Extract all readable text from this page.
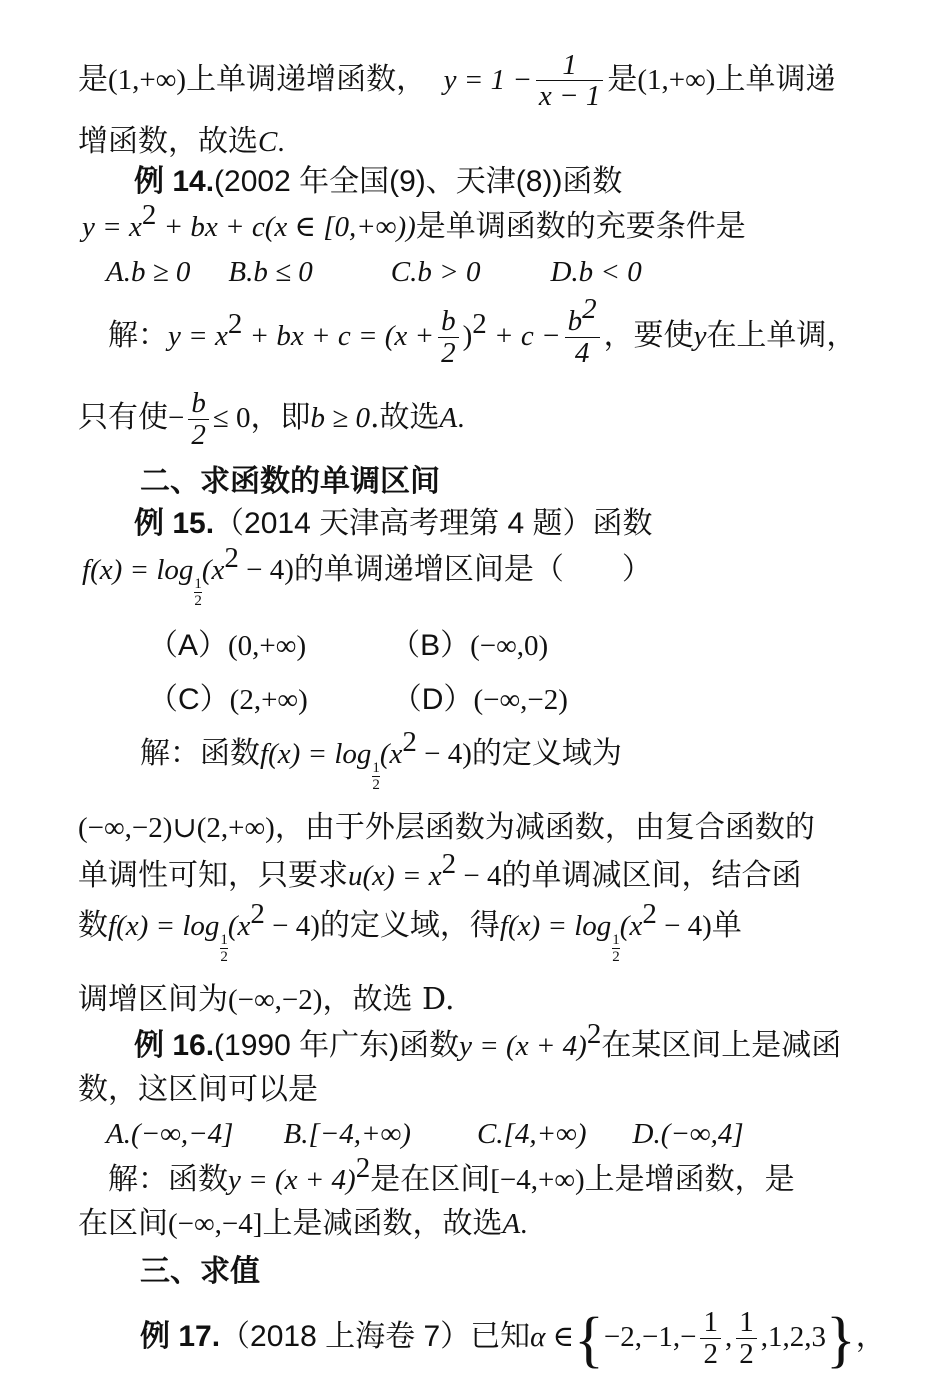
是(1,+∞)上单调递增函数， $y = 1 - \frac{1}{x - 1}$ 是(1,+∞)上单调递
增函数，故选C.
例 14.(2002 年全国(9)、天津(8))函数
$y = x^2$ + bx + c(x ∈ [0,+∞))是单调函数的充要条件是
A.b ≥ 0 B.b ≤ 0	C.b > 0 D.b < 0
解：$y = x^2$ + bx + $c = (x + \frac{b}{2} )^2 + c - \frac{b^2}{4}$ ，要使y在上单调，
只有使− $\frac{b}{2} \le 0$，即b ≥ 0.故选A.
二、求函数的单调区间
例 15.（2014 天津高考理第 4 题）函数
f(x) = log
$\frac{1}{2}$
$(x^2 - 4)$的单调递增区间是（ ）
（A）(0,+∞)	（B）(−∞,0)
（C）(2,+∞)	（D）(−∞,−2)
解：函数f(x) = log
$\frac{1}{2}$
$(x^2 - 4)$的定义域为
(−∞,−2)∪(2,+∞)，由于外层函数为减函数，由复合函数的
单调性可知，只要求$u(x) = x^2 - 4$的单调减区间，结合函
数f(x) = log
$\frac{1}{2}$
$(x^2 - 4)$的定义域，得f(x) = log
$\frac{1}{2}$
$(x^2 - 4)$单
调增区间为(−∞,−2)，故选 D.
例 16.(1990 年广东)函数$y = (x + 4)^2$在某区间上是减函
数，这区间可以是
A.(−∞,−4] B.[−4,+∞) C.[4,+∞) D.(−∞,4]
解：函数$y = (x + 4)^2$是在区间[−4,+∞)上是增函数，是
在区间(−∞,−4]上是减函数，故选A.
三、求值
例 17.（2018 上海卷 7）已知α ∈{−2,−1,− $\frac{1}{2}$ , $\frac{1}{2} ,1,2,3$}，
